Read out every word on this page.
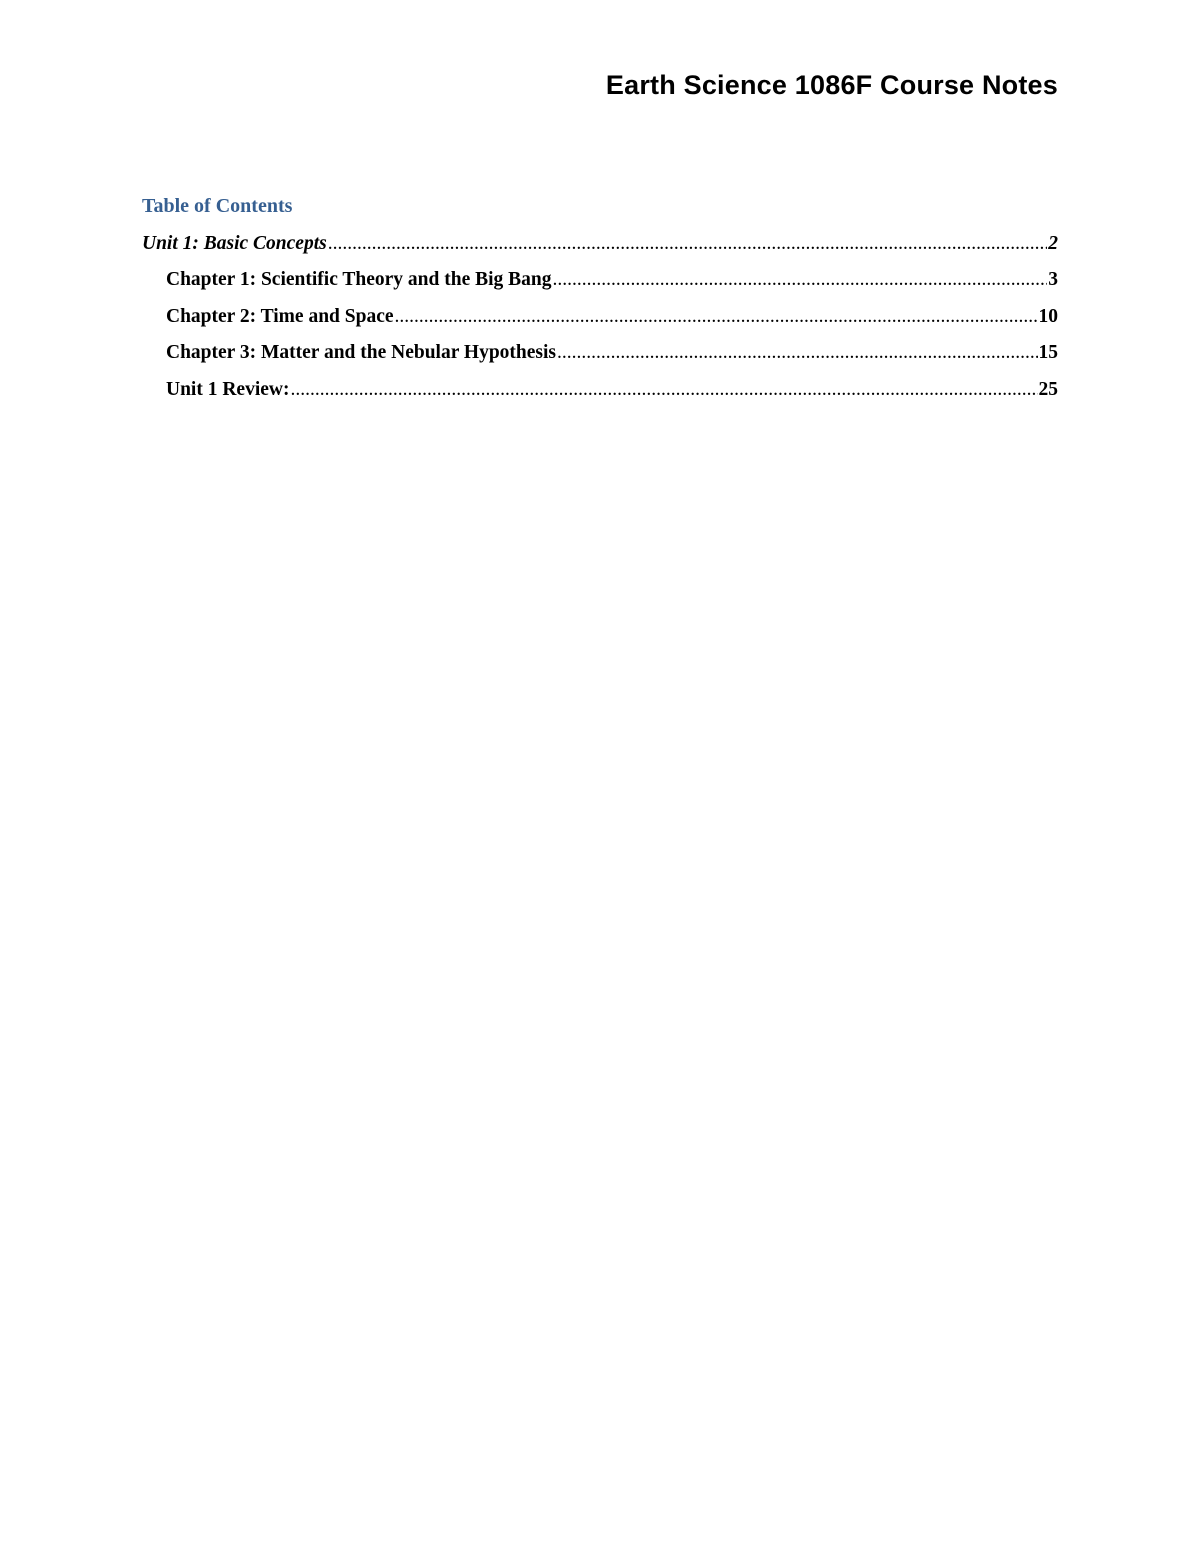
Earth Science 1086F Course Notes
Table of Contents
Unit 1: Basic Concepts .....	2
Chapter 1: Scientific Theory and the Big Bang .....	3
Chapter 2: Time and Space .....	10
Chapter 3: Matter and the Nebular Hypothesis .....	15
Unit 1 Review: .....	25
